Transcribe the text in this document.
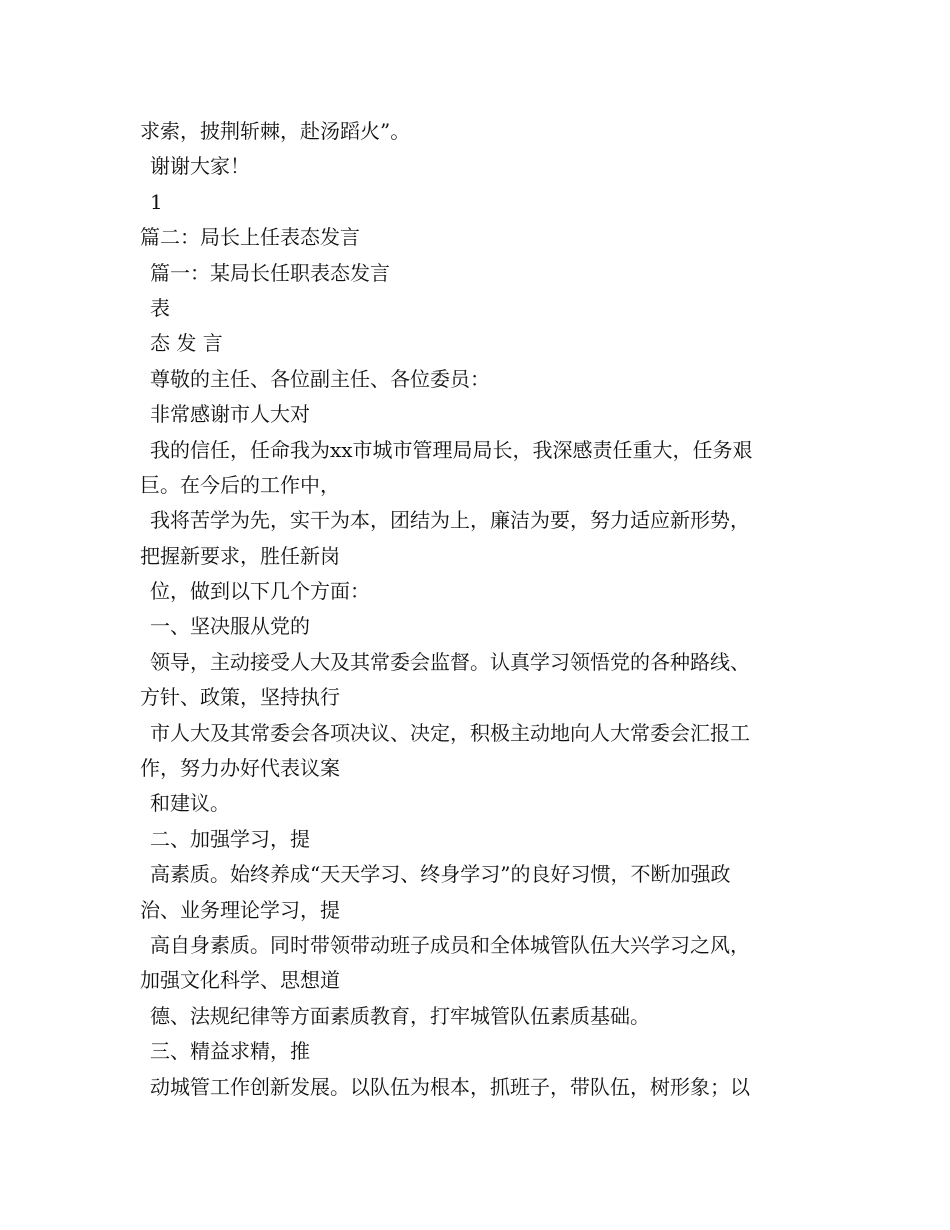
求索，披荆斩棘，赴汤蹈火”。
谢谢大家！
1
篇二：局长上任表态发言
篇一：某局长任职表态发言
表
态 发 言
尊敬的主任、各位副主任、各位委员：
非常感谢市人大对
我的信任，任命我为xx市城市管理局局长，我深感责任重大，任务艰
巨。在今后的工作中，
我将苦学为先，实干为本，团结为上，廉洁为要，努力适应新形势，
把握新要求，胜任新岗
位，做到以下几个方面：
一、坚决服从党的
领导，主动接受人大及其常委会监督。认真学习领悟党的各种路线、
方针、政策，坚持执行
市人大及其常委会各项决议、决定，积极主动地向人大常委会汇报工
作，努力办好代表议案
和建议。
二、加强学习，提
高素质。始终养成“天天学习、终身学习”的良好习惯，不断加强政
治、业务理论学习，提
高自身素质。同时带领带动班子成员和全体城管队伍大兴学习之风，
加强文化科学、思想道
德、法规纪律等方面素质教育，打牢城管队伍素质基础。
三、精益求精，推
动城管工作创新发展。以队伍为根本，抓班子，带队伍，树形象；以
